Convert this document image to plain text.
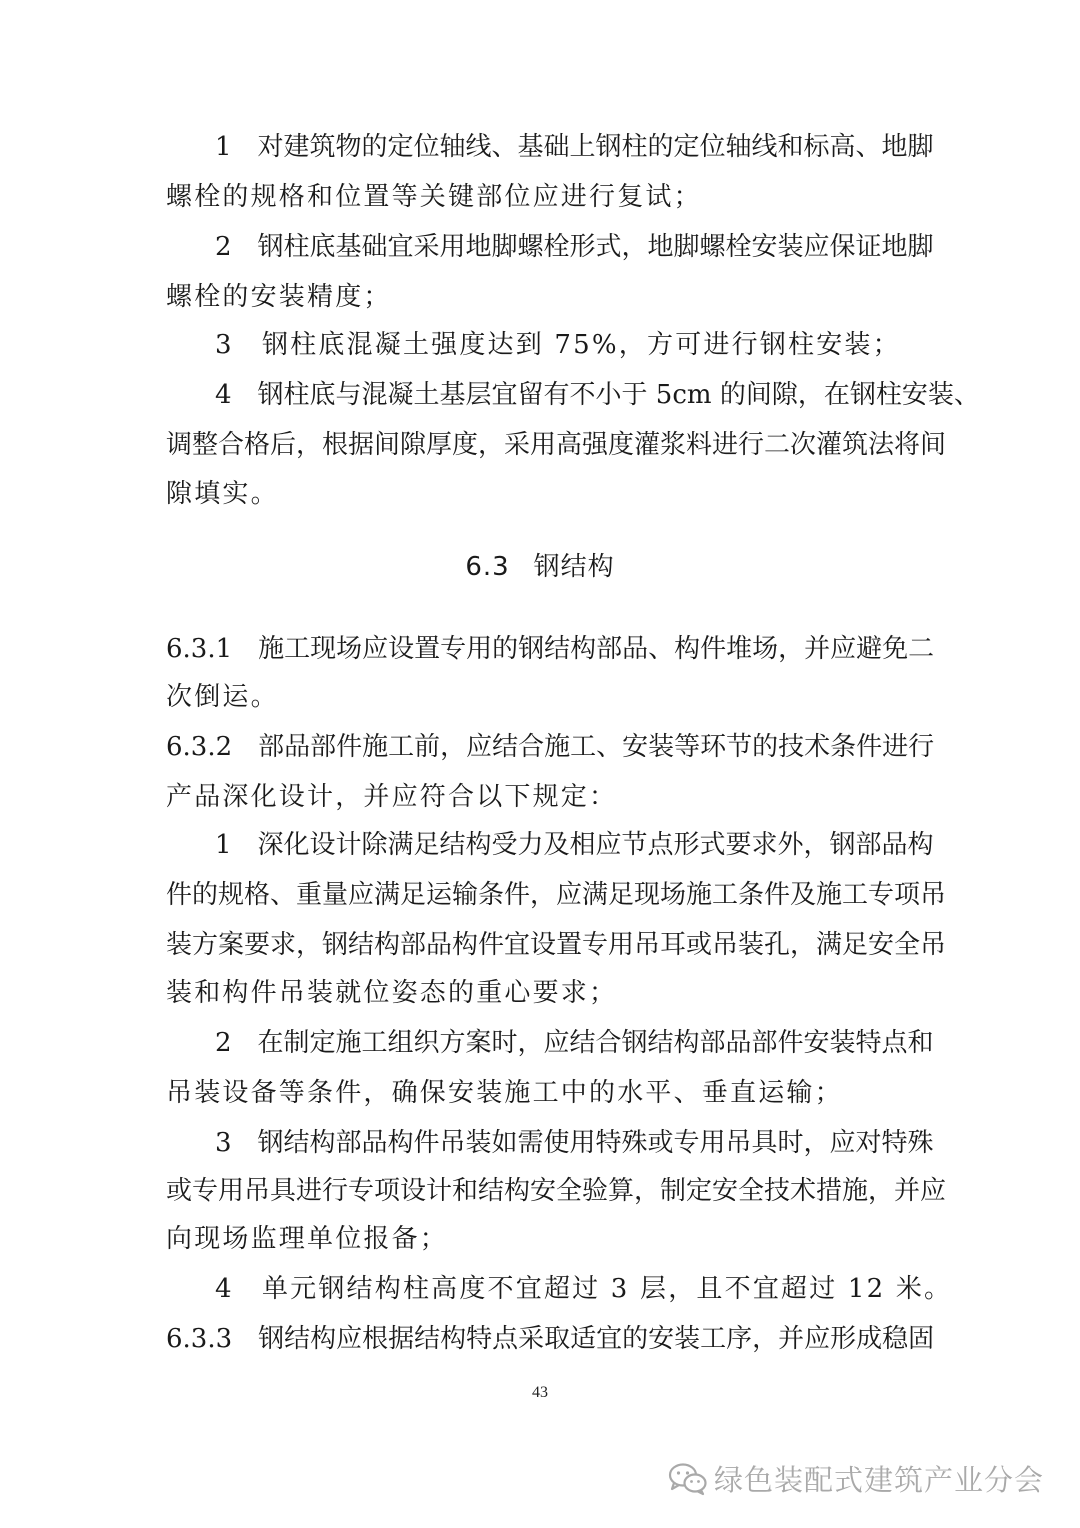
1　对建筑物的定位轴线、基础上钢柱的定位轴线和标高、地脚
螺栓的规格和位置等关键部位应进行复试；
2　钢柱底基础宜采用地脚螺栓形式，地脚螺栓安装应保证地脚
螺栓的安装精度；
3　钢柱底混凝土强度达到 75%，方可进行钢柱安装；
4　钢柱底与混凝土基层宜留有不小于 5cm 的间隙，在钢柱安装、
调整合格后，根据间隙厚度，采用高强度灌浆料进行二次灌筑法将间
隙填实。
6.3 钢结构
6.3.1　施工现场应设置专用的钢结构部品、构件堆场，并应避免二
次倒运。
6.3.2　部品部件施工前，应结合施工、安装等环节的技术条件进行
产品深化设计，并应符合以下规定：
1　深化设计除满足结构受力及相应节点形式要求外，钢部品构
件的规格、重量应满足运输条件，应满足现场施工条件及施工专项吊
装方案要求，钢结构部品构件宜设置专用吊耳或吊装孔，满足安全吊
装和构件吊装就位姿态的重心要求；
2　在制定施工组织方案时，应结合钢结构部品部件安装特点和
吊装设备等条件，确保安装施工中的水平、垂直运输；
3　钢结构部品构件吊装如需使用特殊或专用吊具时，应对特殊
或专用吊具进行专项设计和结构安全验算，制定安全技术措施，并应
向现场监理单位报备；
4　单元钢结构柱高度不宜超过 3 层，且不宜超过 12 米。
6.3.3　钢结构应根据结构特点采取适宜的安装工序，并应形成稳固
43
绿色装配式建筑产业分会
